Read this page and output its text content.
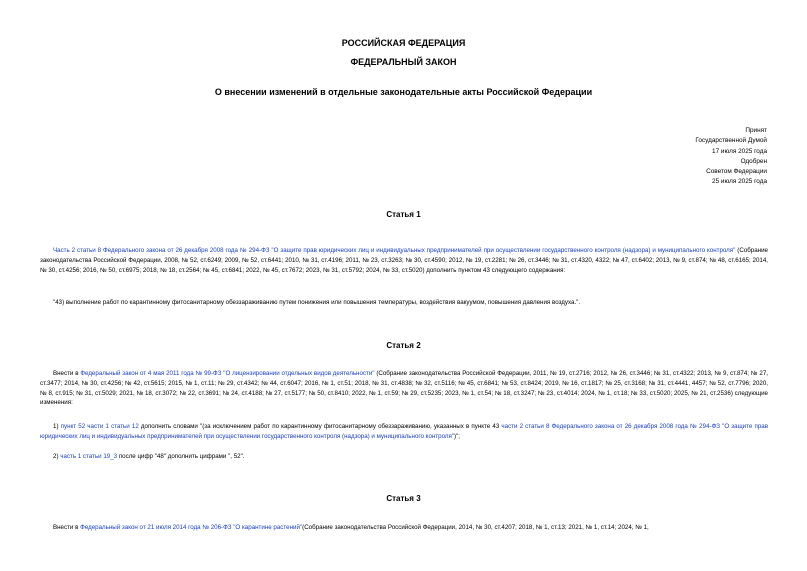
РОССИЙСКАЯ ФЕДЕРАЦИЯ
ФЕДЕРАЛЬНЫЙ ЗАКОН
О внесении изменений в отдельные законодательные акты Российской Федерации
Принят
Государственной Думой
17 июля 2025 года
Одобрен
Советом Федерации
25 июля 2025 года
Статья 1
Часть 2 статьи 8 Федерального закона от 26 декабря 2008 года № 294-ФЗ "О защите прав юридических лиц и индивидуальных предпринимателей при осуществлении государственного контроля (надзора) и муниципального контроля" (Собрание законодательства Российской Федерации, 2008, № 52, ст.6249; 2009, № 52, ст.6441; 2010, № 31, ст.4196; 2011, № 23, ст.3263; № 30, ст.4590; 2012, № 19, ст.2281; № 26, ст.3446; № 31, ст.4320, 4322; № 47, ст.6402; 2013, № 9, ст.874; № 48, ст.6165; 2014, № 30, ст.4256; 2016, № 50, ст.6975; 2018, № 18, ст.2564; № 45, ст.6841; 2022, № 45, ст.7672; 2023, № 31, ст.5792; 2024, № 33, ст.5020) дополнить пунктом 43 следующего содержания:
"43) выполнение работ по карантинному фитосанитарному обеззараживанию путем понижения или повышения температуры, воздействия вакуумом, повышения давления воздуха.".
Статья 2
Внести в Федеральный закон от 4 мая 2011 года № 99-ФЗ "О лицензировании отдельных видов деятельности" (Собрание законодательства Российской Федерации, 2011, № 19, ст.2716; 2012, № 26, ст.3446; № 31, ст.4322; 2013, № 9, ст.874; № 27, ст.3477; 2014, № 30, ст.4256; № 42, ст.5615; 2015, № 1, ст.11; № 29, ст.4342; № 44, ст.6047; 2016, № 1, ст.51; 2018, № 31, ст.4838; № 32, ст.5116; № 45, ст.6841; № 53, ст.8424; 2019, № 16, ст.1817; № 25, ст.3168; № 31, ст.4441, 4457; № 52, ст.7796; 2020, № 8, ст.915; № 31, ст.5029; 2021, № 18, ст.3072; № 22, ст.3691; № 24, ст.4188; № 27, ст.5177; № 50, ст.8410; 2022, № 1, ст.59; № 29, ст.5235; 2023, № 1, ст.54; № 18, ст.3247; № 23, ст.4014; 2024, № 1, ст.18; № 33, ст.5020; 2025, № 21, ст.2536) следующие изменения:
1) пункт 52 части 1 статьи 12 дополнить словами "(за исключением работ по карантинному фитосанитарному обеззараживанию, указанных в пункте 43 части 2 статьи 8 Федерального закона от 26 декабря 2008 года № 294-ФЗ "О защите прав юридических лиц и индивидуальных предпринимателей при осуществлении государственного контроля (надзора) и муниципального контроля")";
2) часть 1 статьи 19_3 после цифр "48" дополнить цифрами ", 52".
Статья 3
Внести в Федеральный закон от 21 июля 2014 года № 206-ФЗ "О карантине растений"(Собрание законодательства Российской Федерации, 2014, № 30, ст.4207; 2018, № 1, ст.13; 2021, № 1, ст.14; 2024, № 1,
